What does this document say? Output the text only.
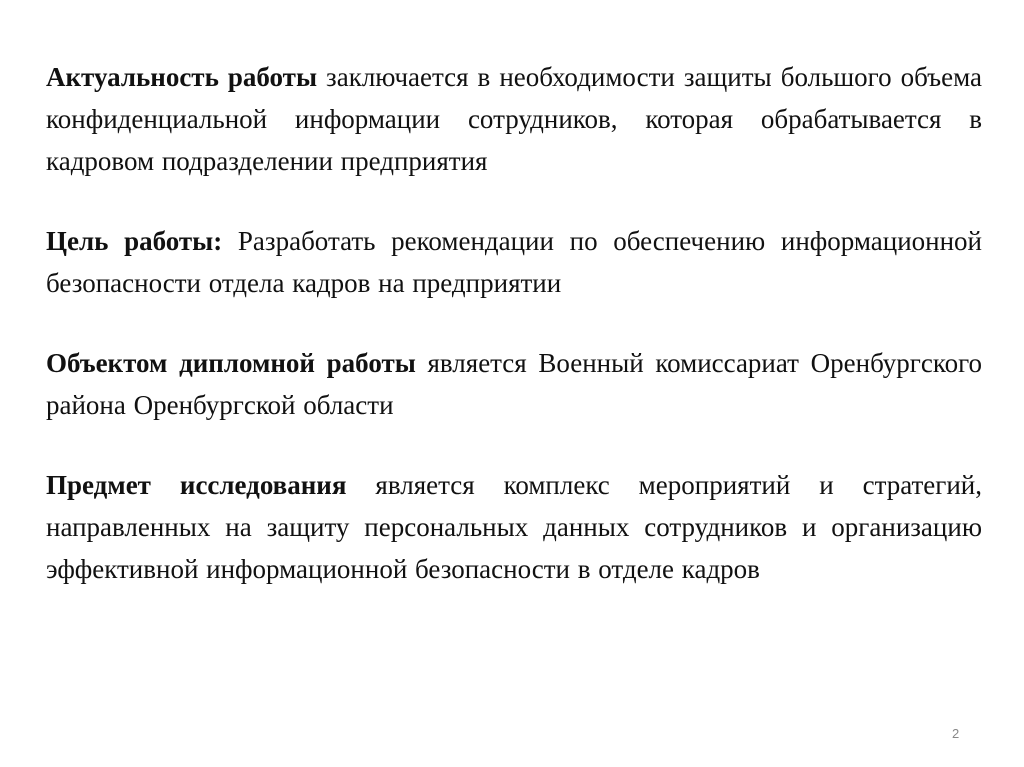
Актуальность работы заключается в необходимости защиты большого объема конфиденциальной информации сотрудников, которая обрабатывается в кадровом подразделении предприятия

Цель работы: Разработать рекомендации по обеспечению информационной безопасности отдела кадров на предприятии

Объектом дипломной работы является Военный комиссариат Оренбургского района Оренбургской области

Предмет исследования является комплекс мероприятий и стратегий, направленных на защиту персональных данных сотрудников и организацию эффективной информационной безопасности в отделе кадров

2
